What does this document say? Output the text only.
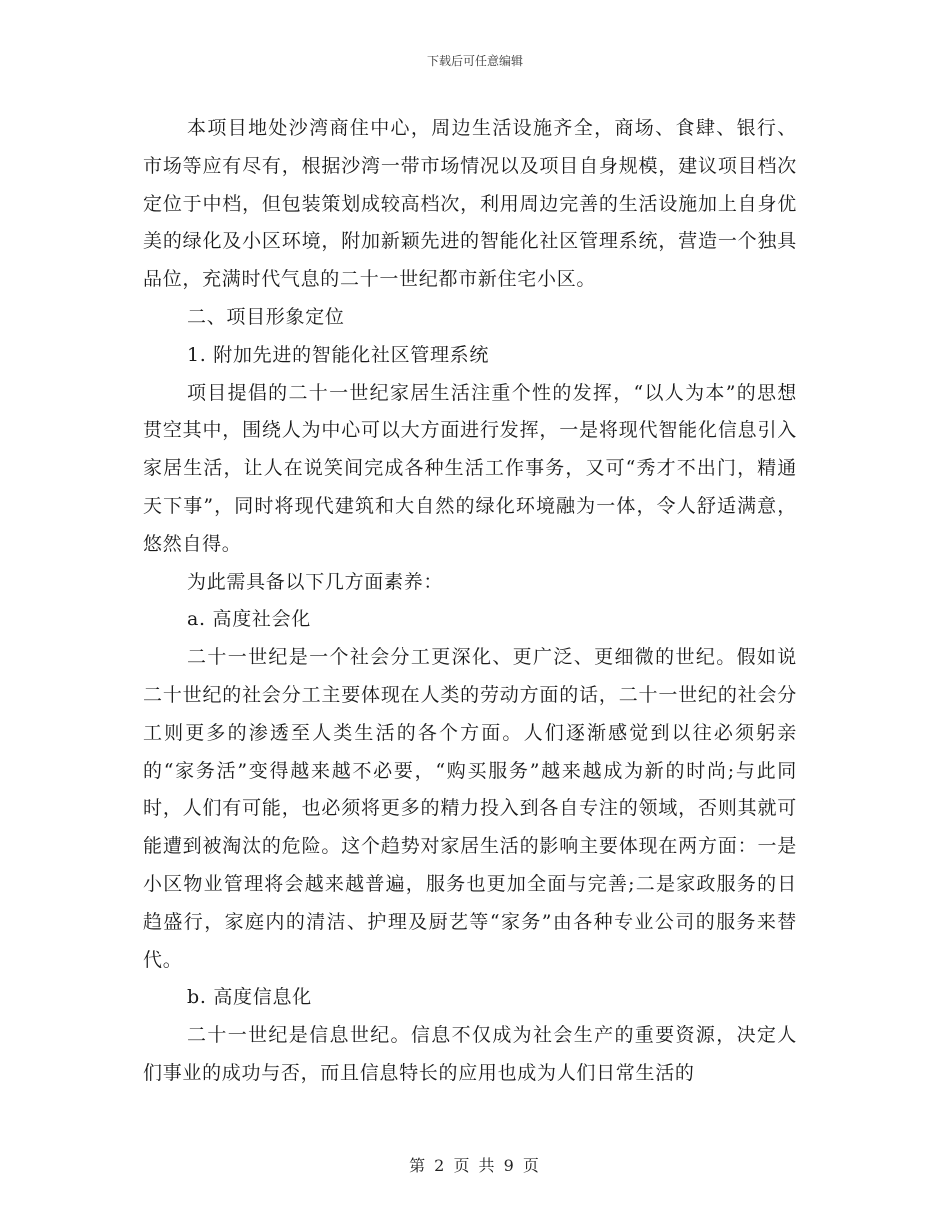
下载后可任意编辑

本项目地处沙湾商住中心，周边生活设施齐全，商场、食肆、银行、市场等应有尽有，根据沙湾一带市场情况以及项目自身规模，建议项目档次定位于中档，但包装策划成较高档次，利用周边完善的生活设施加上自身优美的绿化及小区环境，附加新颖先进的智能化社区管理系统，营造一个独具品位，充满时代气息的二十一世纪都市新住宅小区。

二、项目形象定位

1. 附加先进的智能化社区管理系统

项目提倡的二十一世纪家居生活注重个性的发挥，“以人为本”的思想贯空其中，围绕人为中心可以大方面进行发挥，一是将现代智能化信息引入家居生活，让人在说笑间完成各种生活工作事务，又可“秀才不出门，精通天下事”，同时将现代建筑和大自然的绿化环境融为一体，令人舒适满意，悠然自得。

为此需具备以下几方面素养：

a. 高度社会化

二十一世纪是一个社会分工更深化、更广泛、更细微的世纪。假如说二十世纪的社会分工主要体现在人类的劳动方面的话，二十一世纪的社会分工则更多的渗透至人类生活的各个方面。人们逐渐感觉到以往必须躬亲的“家务活”变得越来越不必要，“购买服务”越来越成为新的时尚;与此同时，人们有可能，也必须将更多的精力投入到各自专注的领域，否则其就可能遭到被淘汰的危险。这个趋势对家居生活的影响主要体现在两方面：一是小区物业管理将会越来越普遍，服务也更加全面与完善;二是家政服务的日趋盛行，家庭内的清洁、护理及厨艺等“家务”由各种专业公司的服务来替代。

b. 高度信息化

二十一世纪是信息世纪。信息不仅成为社会生产的重要资源，决定人们事业的成功与否，而且信息特长的应用也成为人们日常生活的

第 2 页 共 9 页
